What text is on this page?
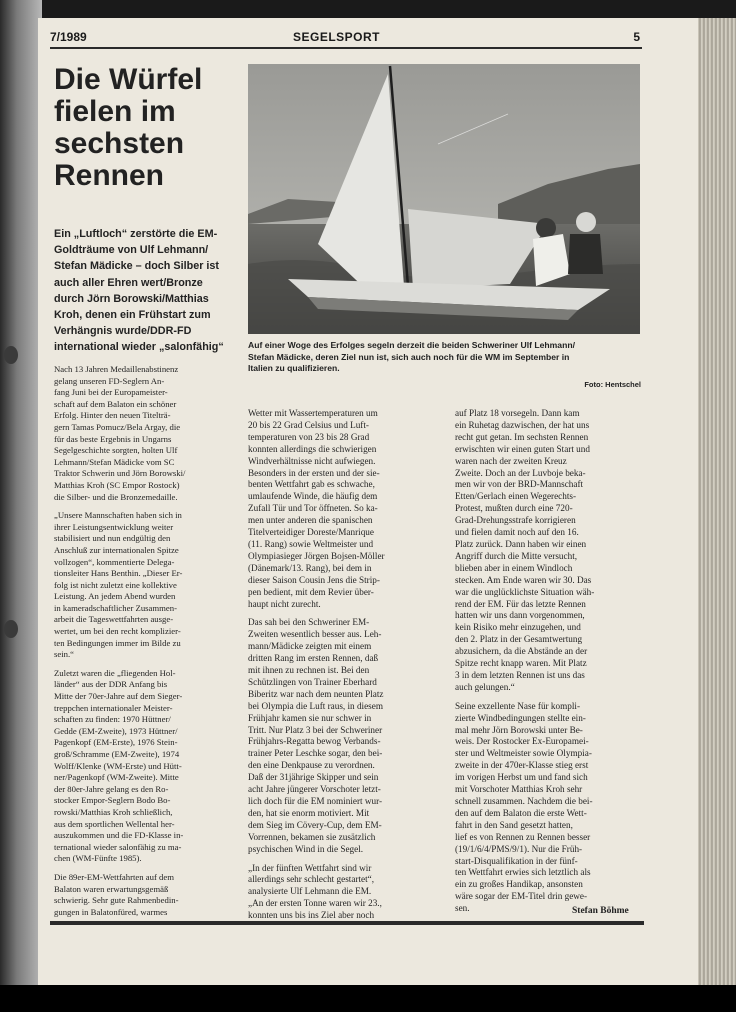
7/1989	SEGELSPORT	5
Die Würfel
fielen im
sechsten
Rennen
Ein „Luftloch“ zerstörte die EM-
Goldträume von Ulf Lehmann/
Stefan Mädicke – doch Silber ist
auch aller Ehren wert/Bronze
durch Jörn Borowski/Matthias
Kroh, denen ein Frühstart zum
Verhängnis wurde/DDR-FD
international wieder „salonfähig“	Auf einer Woge des Erfolges segeln derzeit die beiden Schweriner Ulf Lehmann/
Stefan Mädicke, deren Ziel nun ist, sich auch noch für die WM im September in
Italien zu qualifizieren.
Foto: Hentschel
Nach 13 Jahren Medaillenabstinenz
gelang unseren FD-Seglern An-
fang Juni bei der Europameister-
schaft auf dem Balaton ein schöner
Erfolg. Hinter den neuen Titelträ-
gern Tamas Pomucz/Bela Argay, die
für das beste Ergebnis in Ungarns
Segelgeschichte sorgten, holten Ulf
Lehmann/Stefan Mädicke vom SC
Traktor Schwerin und Jörn Borowski/
Matthias Kroh (SC Empor Rostock)
die Silber- und die Bronzemedaille.
„Unsere Mannschaften haben sich in
ihrer Leistungsentwicklung weiter
stabilisiert und nun endgültig den
Anschluß zur internationalen Spitze
vollzogen“, kommentierte Delega-
tionsleiter Hans Benthin. „Dieser Er-
folg ist nicht zuletzt eine kollektive
Leistung. An jedem Abend wurden
in kameradschaftlicher Zusammen-
arbeit die Tageswettfahrten ausge-
wertet, um bei den recht komplizier-
ten Bedingungen immer im Bilde zu
sein.“
Zuletzt waren die „fliegenden Hol-
länder“ aus der DDR Anfang bis
Mitte der 70er-Jahre auf dem Sieger-
treppchen internationaler Meister-
schaften zu finden: 1970 Hüttner/
Gedde (EM-Zweite), 1973 Hüttner/
Pagenkopf (EM-Erste), 1976 Stein-
groß/Schramme (EM-Zweite), 1974
Wolff/Klenke (WM-Erste) und Hütt-
ner/Pagenkopf (WM-Zweite). Mitte
der 80er-Jahre gelang es den Ro-
stocker Empor-Seglern Bodo Bo-
rowski/Matthias Kroh schließlich,
aus dem sportlichen Wellental her-
auszukommen und die FD-Klasse in-
ternational wieder salonfähig zu ma-
chen (WM-Fünfte 1985).
Die 89er-EM-Wettfahrten auf dem
Balaton waren erwartungsgemäß
schwierig. Sehr gute Rahmenbedin-
gungen in Balatonfüred, warmes
Wetter mit Wassertemperaturen um
20 bis 22 Grad Celsius und Luft-
temperaturen von 23 bis 28 Grad
konnten allerdings die schwierigen
Windverhältnisse nicht aufwiegen.
Besonders in der ersten und der sie-
benten Wettfahrt gab es schwache,
umlaufende Winde, die häufig dem
Zufall Tür und Tor öffneten. So ka-
men unter anderen die spanischen
Titelverteidiger Doreste/Manrique
(11. Rang) sowie Weltmeister und
Olympiasieger Jörgen Bojsen-Möller
(Dänemark/13. Rang), bei dem in
dieser Saison Cousin Jens die Strip-
pen bedient, mit dem Revier über-
haupt nicht zurecht.
Das sah bei den Schweriner EM-
Zweiten wesentlich besser aus. Leh-
mann/Mädicke zeigten mit einem
dritten Rang im ersten Rennen, daß
mit ihnen zu rechnen ist. Bei den
Schützlingen von Trainer Eberhard
Biberitz war nach dem neunten Platz
bei Olympia die Luft raus, in diesem
Frühjahr kamen sie nur schwer in
Tritt. Nur Platz 3 bei der Schweriner
Frühjahrs-Regatta bewog Verbands-
trainer Peter Leschke sogar, den bei-
den eine Denkpause zu verordnen.
Daß der 31jährige Skipper und sein
acht Jahre jüngerer Vorschoter letzt-
lich doch für die EM nominiert wur-
den, hat sie enorm motiviert. Mit
dem Sieg im Cövery-Cup, dem EM-
Vorrennen, bekamen sie zusätzlich
psychischen Wind in die Segel.
„In der fünften Wettfahrt sind wir
allerdings sehr schlecht gestartet“,
analysierte Ulf Lehmann die EM.
„An der ersten Tonne waren wir 23.,
konnten uns bis ins Ziel aber noch
auf Platz 18 vorsegeln. Dann kam
ein Ruhetag dazwischen, der hat uns
recht gut getan. Im sechsten Rennen
erwischten wir einen guten Start und
waren nach der zweiten Kreuz
Zweite. Doch an der Luvboje beka-
men wir von der BRD-Mannschaft
Etten/Gerlach einen Wegerechts-
Protest, mußten durch eine 720-
Grad-Drehungsstrafe korrigieren
und fielen damit noch auf den 16.
Platz zurück. Dann haben wir einen
Angriff durch die Mitte versucht,
blieben aber in einem Windloch
stecken. Am Ende waren wir 30. Das
war die unglücklichste Situation wäh-
rend der EM. Für das letzte Rennen
hatten wir uns dann vorgenommen,
kein Risiko mehr einzugehen, und
den 2. Platz in der Gesamtwertung
abzusichern, da die Abstände an der
Spitze recht knapp waren. Mit Platz
3 in dem letzten Rennen ist uns das
auch gelungen.“
Seine exzellente Nase für kompli-
zierte Windbedingungen stellte ein-
mal mehr Jörn Borowski unter Be-
weis. Der Rostocker Ex-Europamei-
ster und Weltmeister sowie Olympia-
zweite in der 470er-Klasse stieg erst
im vorigen Herbst um und fand sich
mit Vorschoter Matthias Kroh sehr
schnell zusammen. Nachdem die bei-
den auf dem Balaton die erste Wett-
fahrt in den Sand gesetzt hatten,
lief es von Rennen zu Rennen besser
(19/1/6/4/PMS/9/1). Nur die Früh-
start-Disqualifikation in der fünf-
ten Wettfahrt erwies sich letztlich als
ein zu großes Handikap, ansonsten
wäre sogar der EM-Titel drin gewe-
sen.	Stefan Böhme
